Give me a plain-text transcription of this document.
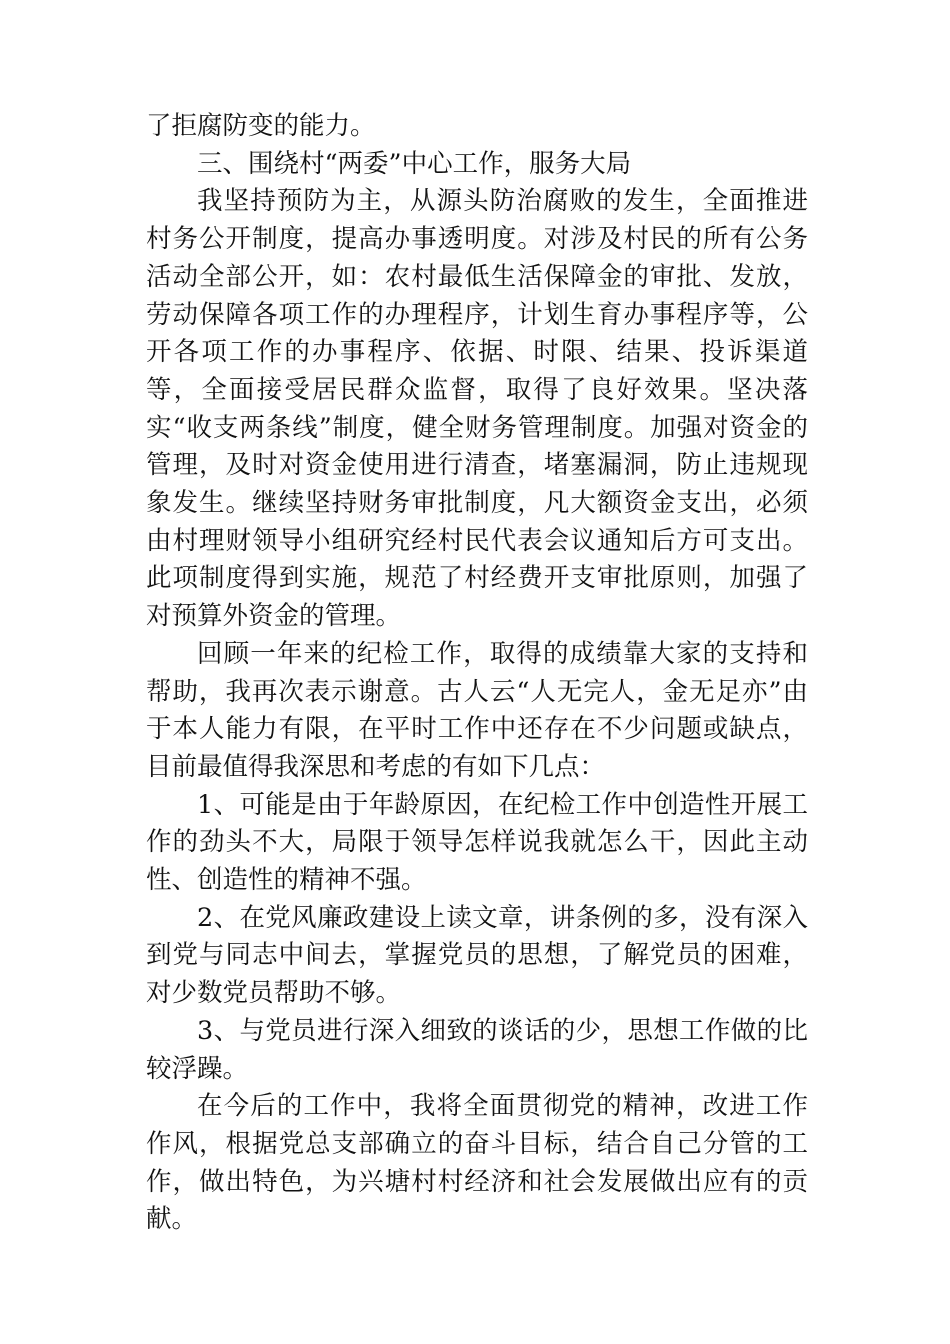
了拒腐防变的能力。

三、围绕村“两委”中心工作，服务大局

我坚持预防为主，从源头防治腐败的发生，全面推进村务公开制度，提高办事透明度。对涉及村民的所有公务活动全部公开，如：农村最低生活保障金的审批、发放，劳动保障各项工作的办理程序，计划生育办事程序等，公开各项工作的办事程序、依据、时限、结果、投诉渠道等，全面接受居民群众监督，取得了良好效果。坚决落实“收支两条线”制度，健全财务管理制度。加强对资金的管理，及时对资金使用进行清查，堵塞漏洞，防止违规现象发生。继续坚持财务审批制度，凡大额资金支出，必须由村理财领导小组研究经村民代表会议通知后方可支出。此项制度得到实施，规范了村经费开支审批原则，加强了对预算外资金的管理。

回顾一年来的纪检工作，取得的成绩靠大家的支持和帮助，我再次表示谢意。古人云“人无完人，金无足亦”由于本人能力有限，在平时工作中还存在不少问题或缺点，目前最值得我深思和考虑的有如下几点：

1、可能是由于年龄原因，在纪检工作中创造性开展工作的劲头不大，局限于领导怎样说我就怎么干，因此主动性、创造性的精神不强。

2、在党风廉政建设上读文章，讲条例的多，没有深入到党与同志中间去，掌握党员的思想，了解党员的困难，对少数党员帮助不够。

3、与党员进行深入细致的谈话的少，思想工作做的比较浮躁。

在今后的工作中，我将全面贯彻党的精神，改进工作作风，根据党总支部确立的奋斗目标，结合自己分管的工作，做出特色，为兴塘村村经济和社会发展做出应有的贡献。
